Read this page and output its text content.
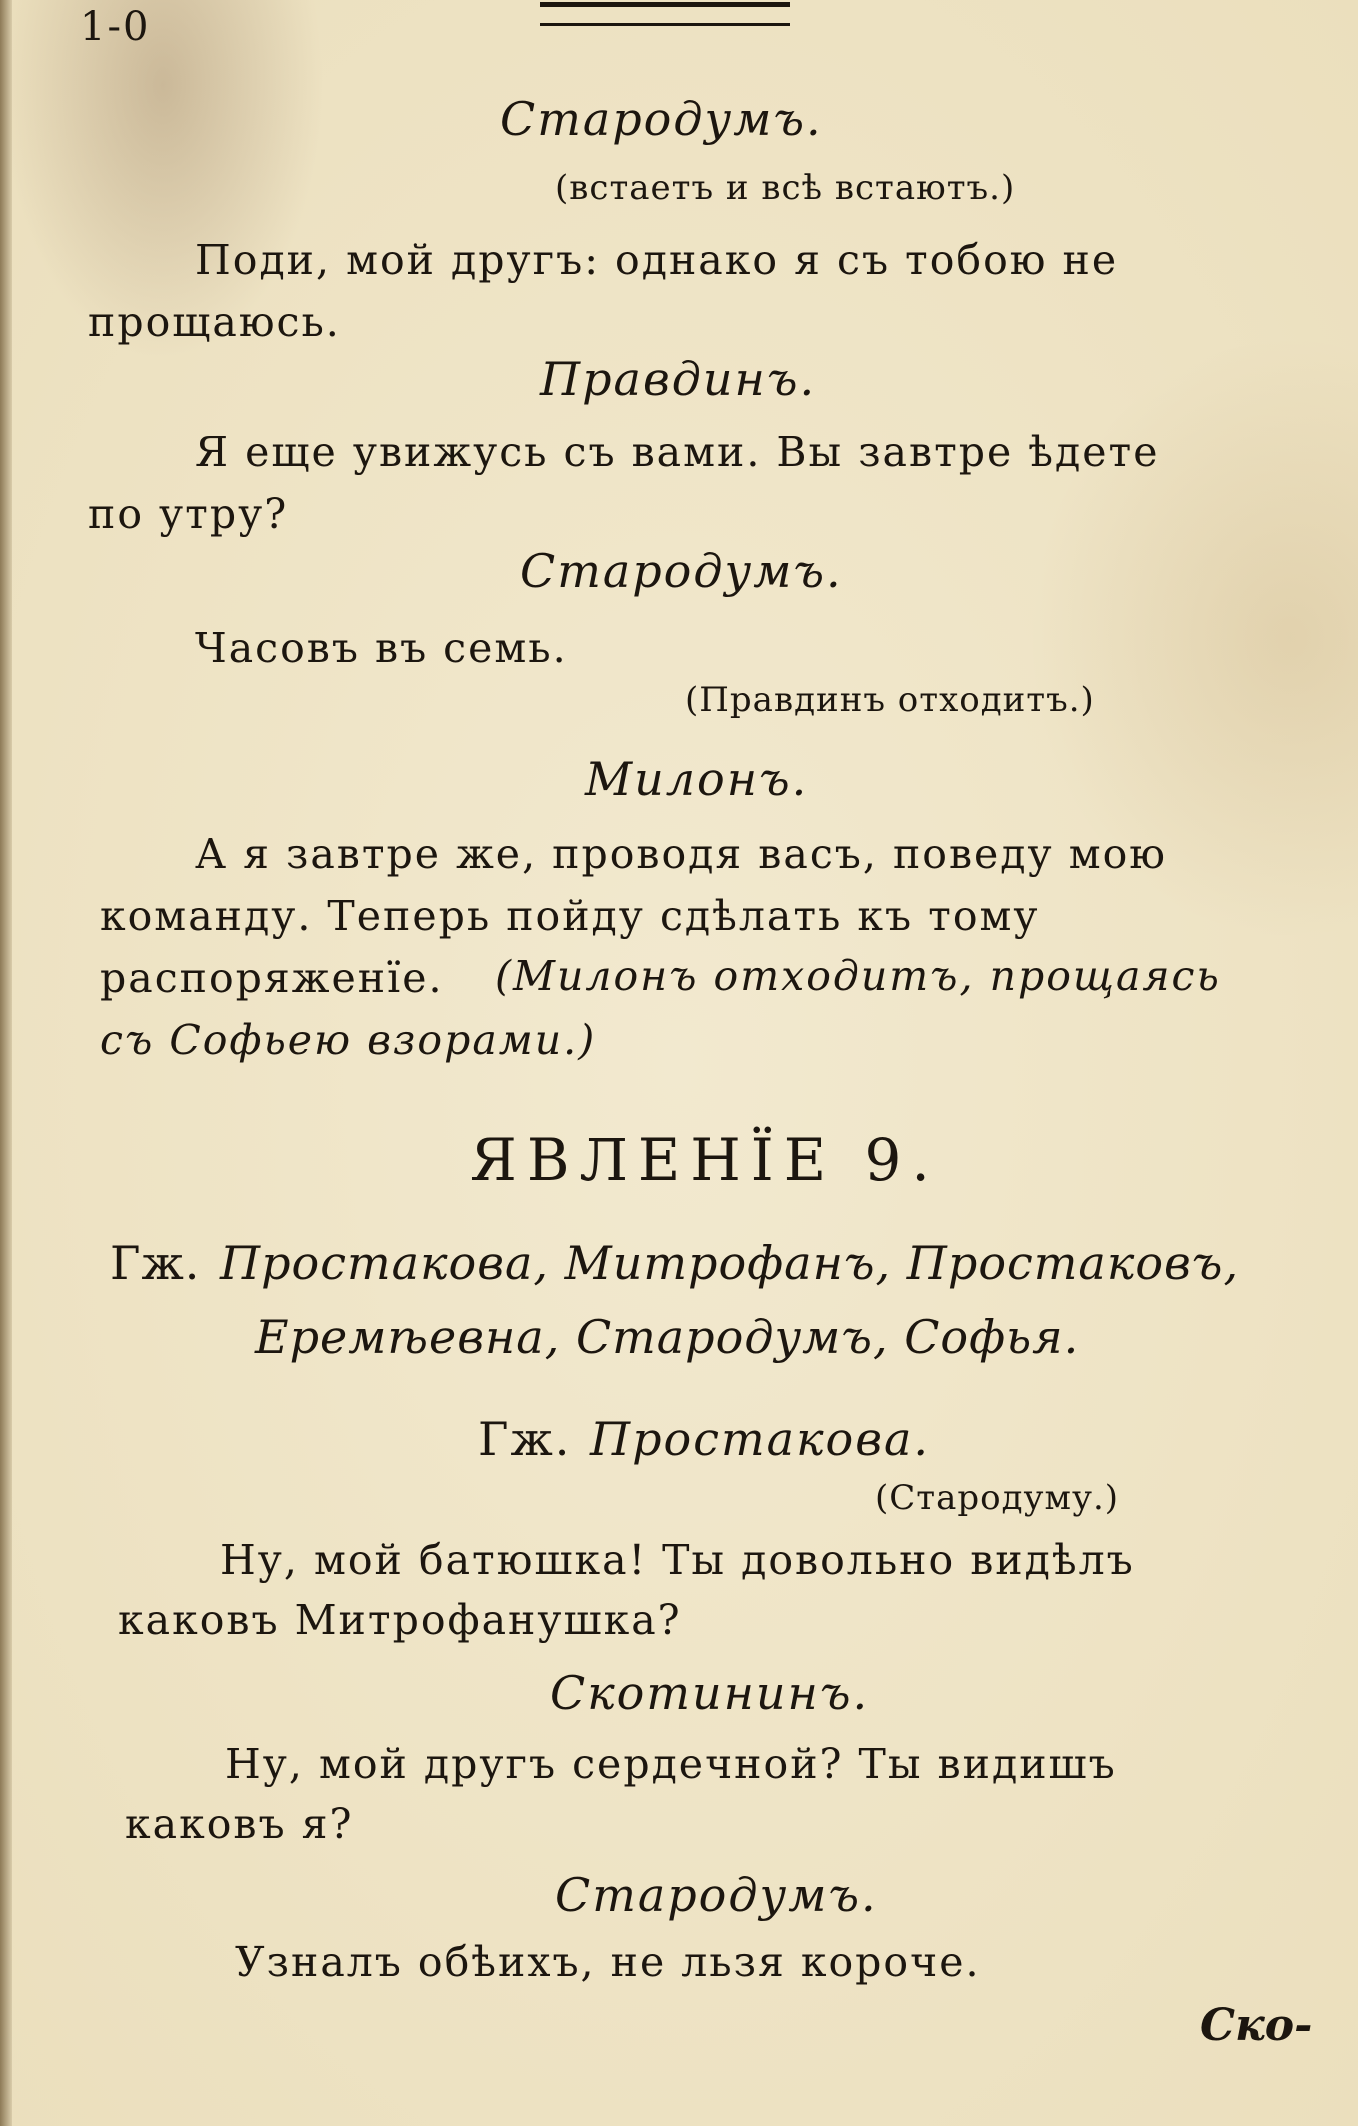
1-0
Стародумъ.
(встаетъ и всѣ встаютъ.)
Поди, мой другъ: однако я съ тобою не
прощаюсь.
Правдинъ.
Я еще увижусь съ вами. Вы завтре ѣдете
по утру?
Стародумъ.
Часовъ въ семь.
(Правдинъ отходитъ.)
Милонъ.
А я завтре же, проводя васъ, поведу мою
команду. Теперь пойду сдѣлать къ тому
распоряженïе. (Милонъ отходитъ, прощаясь
съ Софьею взорами.)
ЯВЛЕНÏЕ 9.
Гж. Простакова, Митрофанъ, Простаковъ,
Еремѣевна, Стародумъ, Софья.
Гж. Простакова.
(Стародуму.)
Ну, мой батюшка! Ты довольно видѣлъ
каковъ Митрофанушка?
Скотининъ.
Ну, мой другъ сердечной? Ты видишъ
каковъ я?
Стародумъ.
Узналъ обѣихъ, не льзя короче.
Ско-
